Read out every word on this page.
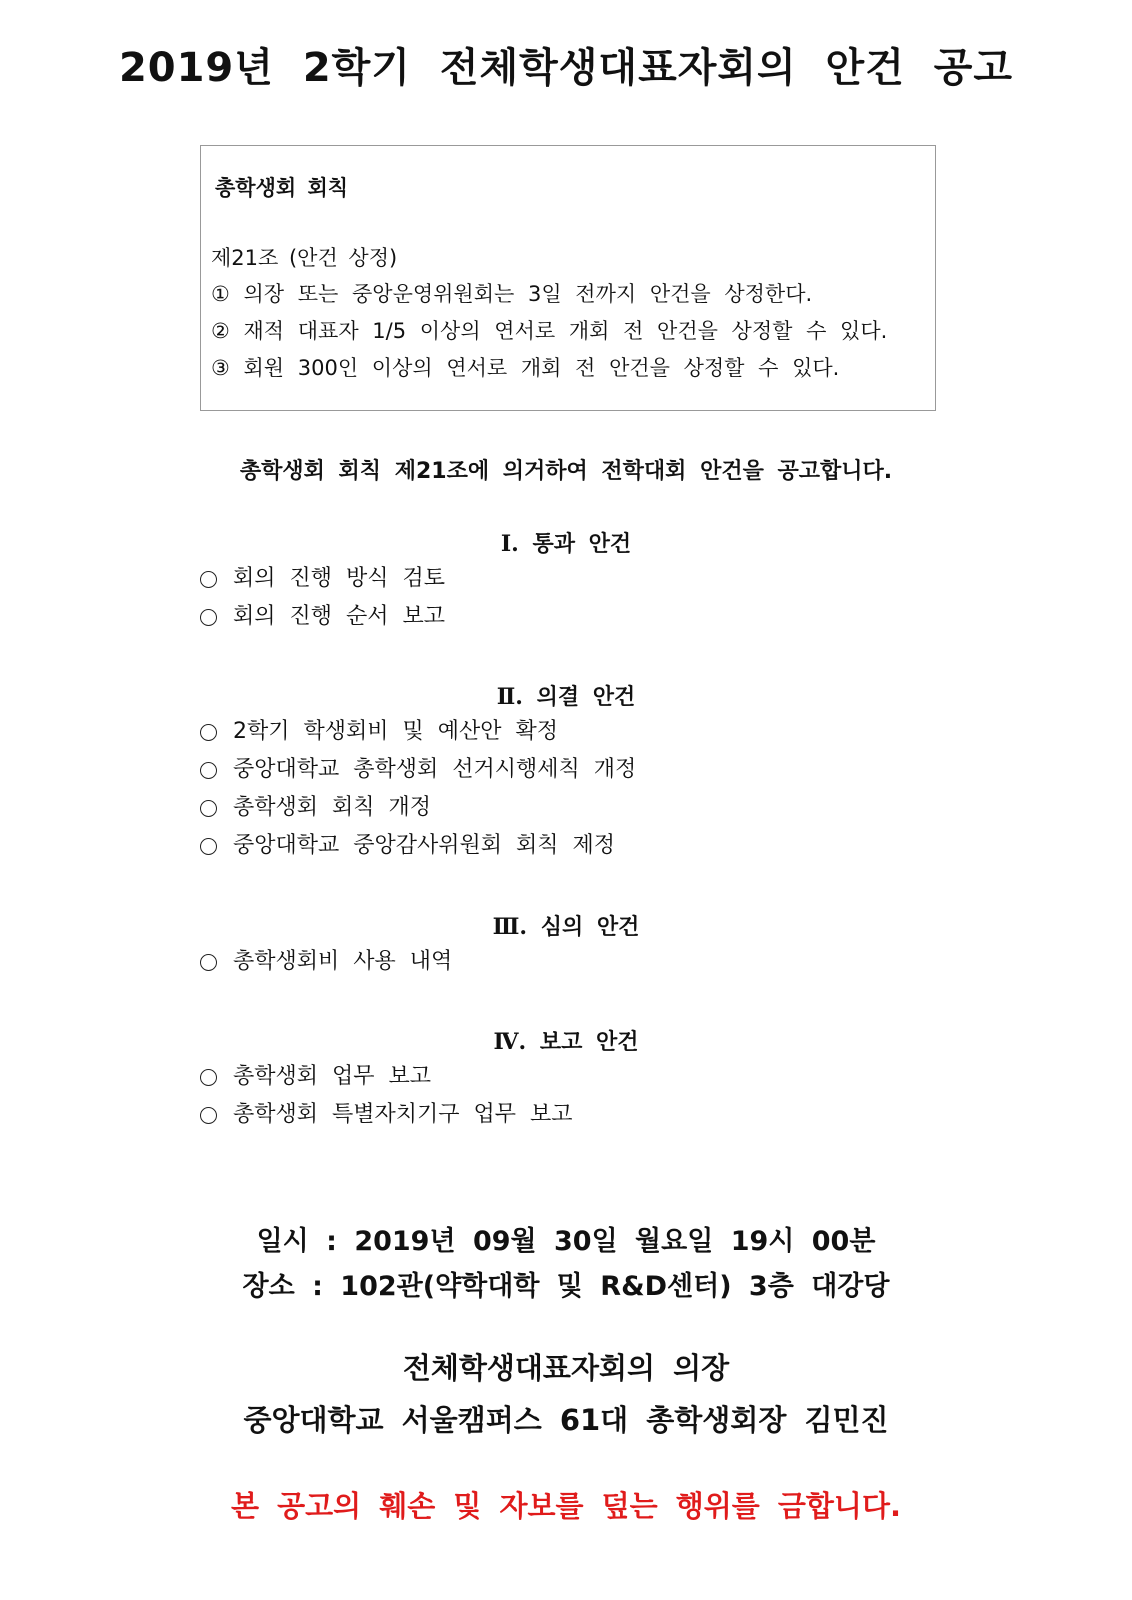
2019년 2학기 전체학생대표자회의 안건 공고
총학생회 회칙
제21조 (안건 상정)
① 의장 또는 중앙운영위원회는 3일 전까지 안건을 상정한다.
② 재적 대표자 1/5 이상의 연서로 개회 전 안건을 상정할 수 있다.
③ 회원 300인 이상의 연서로 개회 전 안건을 상정할 수 있다.
총학생회 회칙 제21조에 의거하여 전학대회 안건을 공고합니다.
Ⅰ. 통과 안건
회의 진행 방식 검토
회의 진행 순서 보고
Ⅱ. 의결 안건
2학기 학생회비 및 예산안 확정
중앙대학교 총학생회 선거시행세칙 개정
총학생회 회칙 개정
중앙대학교 중앙감사위원회 회칙 제정
Ⅲ. 심의 안건
총학생회비 사용 내역
Ⅳ. 보고 안건
총학생회 업무 보고
총학생회 특별자치기구 업무 보고
일시 : 2019년 09월 30일 월요일 19시 00분
장소 : 102관(약학대학 및 R&D센터) 3층 대강당
전체학생대표자회의 의장
중앙대학교 서울캠퍼스 61대 총학생회장 김민진
본 공고의 훼손 및 자보를 덮는 행위를 금합니다.
